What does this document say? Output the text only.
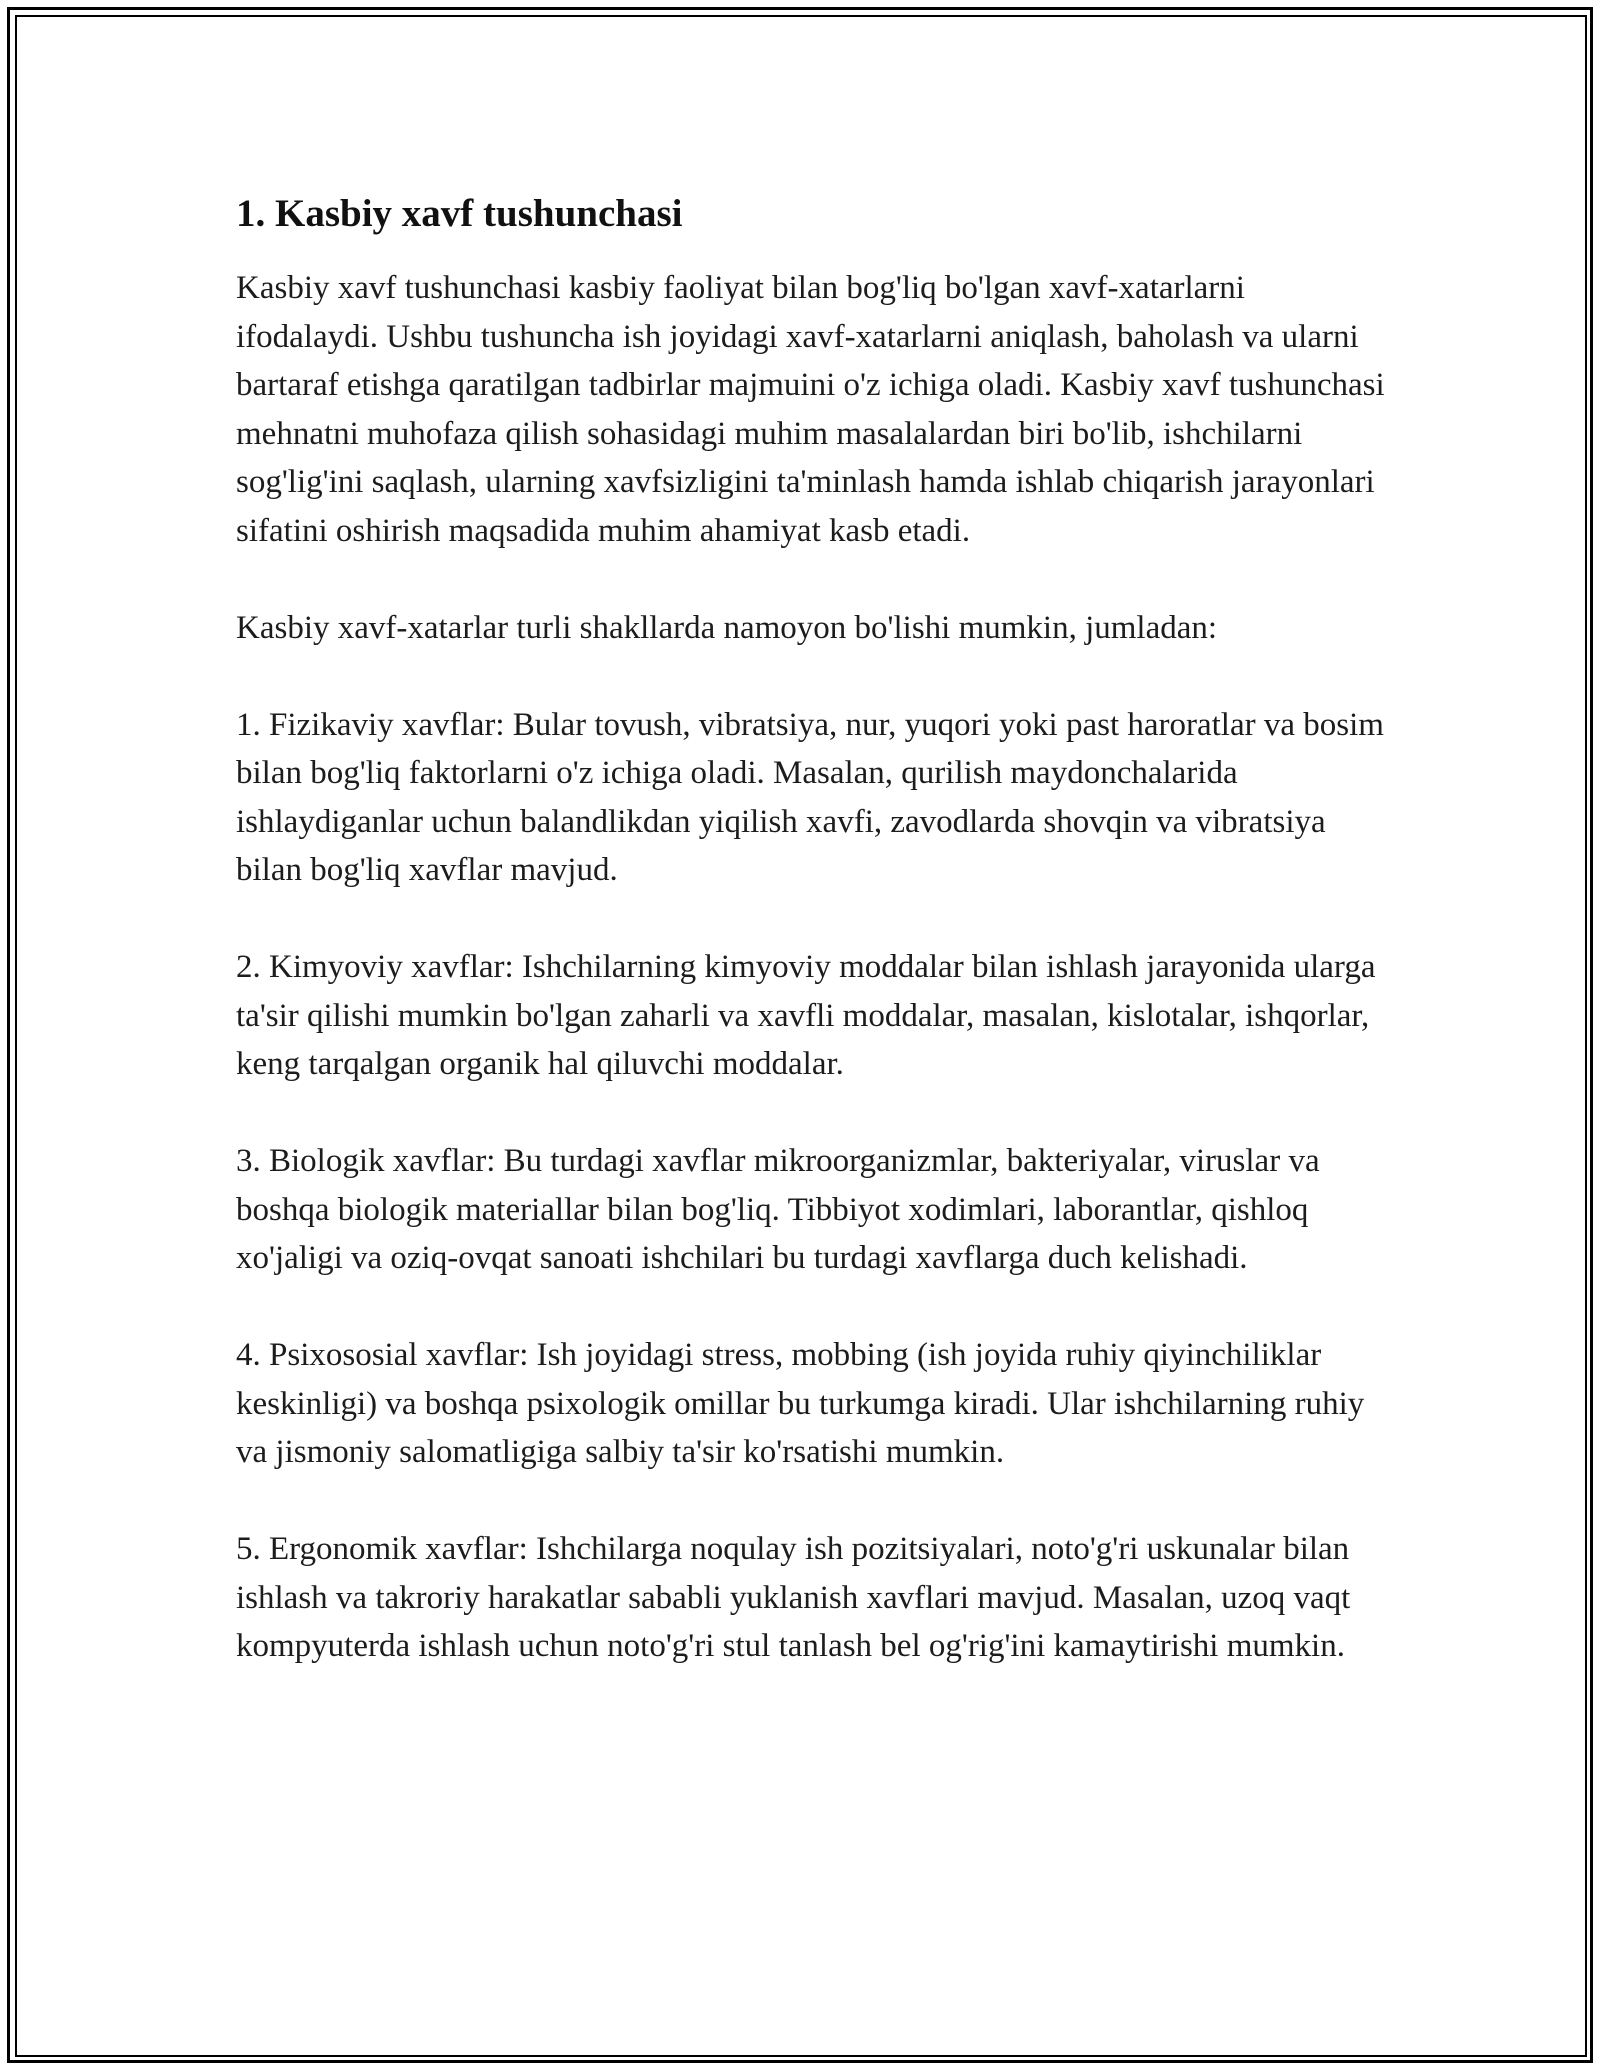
1. Kasbiy xavf tushunchasi

Kasbiy xavf tushunchasi kasbiy faoliyat bilan bog'liq bo'lgan xavf-xatarlarni ifodalaydi. Ushbu tushuncha ish joyidagi xavf-xatarlarni aniqlash, baholash va ularni bartaraf etishga qaratilgan tadbirlar majmuini o'z ichiga oladi. Kasbiy xavf tushunchasi mehnatni muhofaza qilish sohasidagi muhim masalalardan biri bo'lib, ishchilarni sog'lig'ini saqlash, ularning xavfsizligini ta'minlash hamda ishlab chiqarish jarayonlari sifatini oshirish maqsadida muhim ahamiyat kasb etadi.

Kasbiy xavf-xatarlar turli shakllarda namoyon bo'lishi mumkin, jumladan:

1. Fizikaviy xavflar: Bular tovush, vibratsiya, nur, yuqori yoki past haroratlar va bosim bilan bog'liq faktorlarni o'z ichiga oladi. Masalan, qurilish maydonchalarida ishlaydiganlar uchun balandlikdan yiqilish xavfi, zavodlarda shovqin va vibratsiya bilan bog'liq xavflar mavjud.

2. Kimyoviy xavflar: Ishchilarning kimyoviy moddalar bilan ishlash jarayonida ularga ta'sir qilishi mumkin bo'lgan zaharli va xavfli moddalar, masalan, kislotalar, ishqorlar, keng tarqalgan organik hal qiluvchi moddalar.

3. Biologik xavflar: Bu turdagi xavflar mikroorganizmlar, bakteriyalar, viruslar va boshqa biologik materiallar bilan bog'liq. Tibbiyot xodimlari, laborantlar, qishloq xo'jaligi va oziq-ovqat sanoati ishchilari bu turdagi xavflarga duch kelishadi.

4. Psixososial xavflar: Ish joyidagi stress, mobbing (ish joyida ruhiy qiyinchiliklar keskinligi) va boshqa psixologik omillar bu turkumga kiradi. Ular ishchilarning ruhiy va jismoniy salomatligiga salbiy ta'sir ko'rsatishi mumkin.

5. Ergonomik xavflar: Ishchilarga noqulay ish pozitsiyalari, noto'g'ri uskunalar bilan ishlash va takroriy harakatlar sababli yuklanish xavflari mavjud. Masalan, uzoq vaqt kompyuterda ishlash uchun noto'g'ri stul tanlash bel og'rig'ini kamaytirishi mumkin.
